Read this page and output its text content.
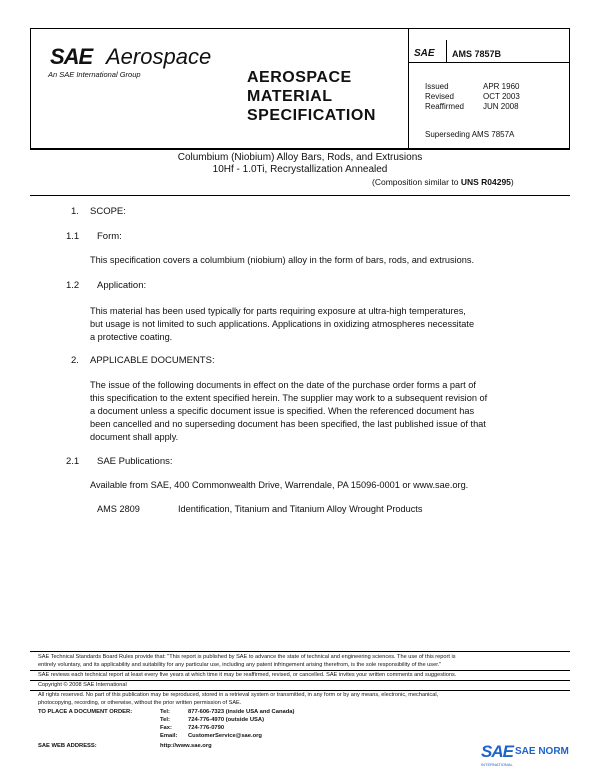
SAE Aerospace
An SAE International Group	AEROSPACE
MATERIAL
SPECIFICATION
SAE AMS 7857B
Issued	APR 1960
Revised	OCT 2003
Reaffirmed JUN 2008
Superseding AMS 7857A
Columbium (Niobium) Alloy Bars, Rods, and Extrusions
10Hf - 1.0Ti, Recrystallization Annealed
(Composition similar to UNS R04295)
1. SCOPE:
1.1 Form:
This specification covers a columbium (niobium) alloy in the form of bars, rods, and extrusions.
1.2 Application:
This material has been used typically for parts requiring exposure at ultra-high temperatures,
but usage is not limited to such applications. Applications in oxidizing atmospheres necessitate
a protective coating.
2. APPLICABLE DOCUMENTS:
The issue of the following documents in effect on the date of the purchase order forms a part of
this specification to the extent specified herein. The supplier may work to a subsequent revision of
a document unless a specific document issue is specified. When the referenced document has
been cancelled and no superseding document has been specified, the last published issue of that
document shall apply.
2.1 SAE Publications:
Available from SAE, 400 Commonwealth Drive, Warrendale, PA 15096-0001 or www.sae.org.
AMS 2809	Identification, Titanium and Titanium Alloy Wrought Products
SAE Technical Standards Board Rules provide that: "This report is published by SAE to advance the state of technical and engineering sciences. The use of this report is
entirely voluntary, and its applicability and suitability for any particular use, including any patent infringement arising therefrom, is the sole responsibility of the user."
SAE reviews each technical report at least every five years at which time it may be reaffirmed, revised, or cancelled. SAE invites your written comments and suggestions.
Copyright © 2008 SAE International
All rights reserved. No part of this publication may be reproduced, stored in a retrieval system or transmitted, in any form or by any means, electronic, mechanical,
photocopying, recording, or otherwise, without the prior written permission of SAE.
TO PLACE A DOCUMENT ORDER:	Tel:	877-606-7323 (inside USA and Canada)
Tel:	724-776-4970 (outside USA)
Fax:	724-776-0790
Email: CustomerService@sae.org
SAE WEB ADDRESS:	http://www.sae.org	SAE SAE NORM
INTERNATIONAL
